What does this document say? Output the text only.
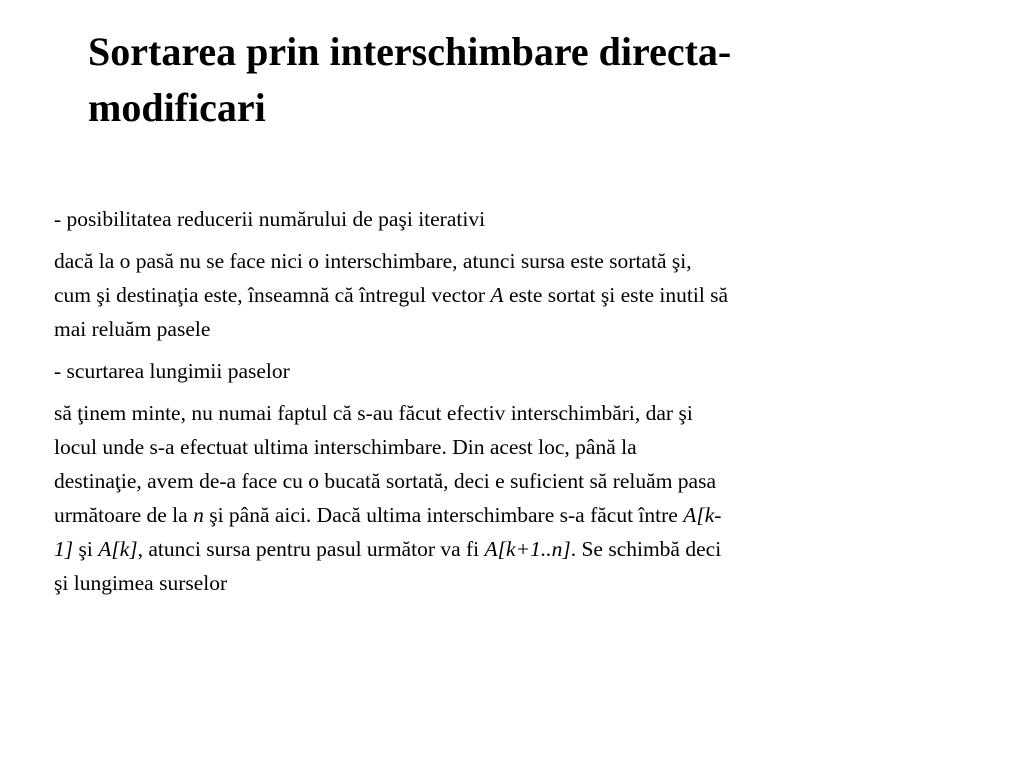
Sortarea prin interschimbare directa-
modificari

- posibilitatea reducerii numărului de paşi iterativi

dacă la o pasă nu se face nici o interschimbare, atunci sursa este sortată şi,
cum şi destinaţia este, înseamnă că întregul vector A este sortat şi este inutil să
mai reluăm pasele

- scurtarea lungimii paselor

să ţinem minte, nu numai faptul că s-au făcut efectiv interschimbări, dar şi
locul unde s-a efectuat ultima interschimbare. Din acest loc, până la
destinaţie, avem de-a face cu o bucată sortată, deci e suficient să reluăm pasa
următoare de la n şi până aici. Dacă ultima interschimbare s-a făcut între A[k-
1] şi A[k], atunci sursa pentru pasul următor va fi A[k+1..n]. Se schimbă deci
şi lungimea surselor
